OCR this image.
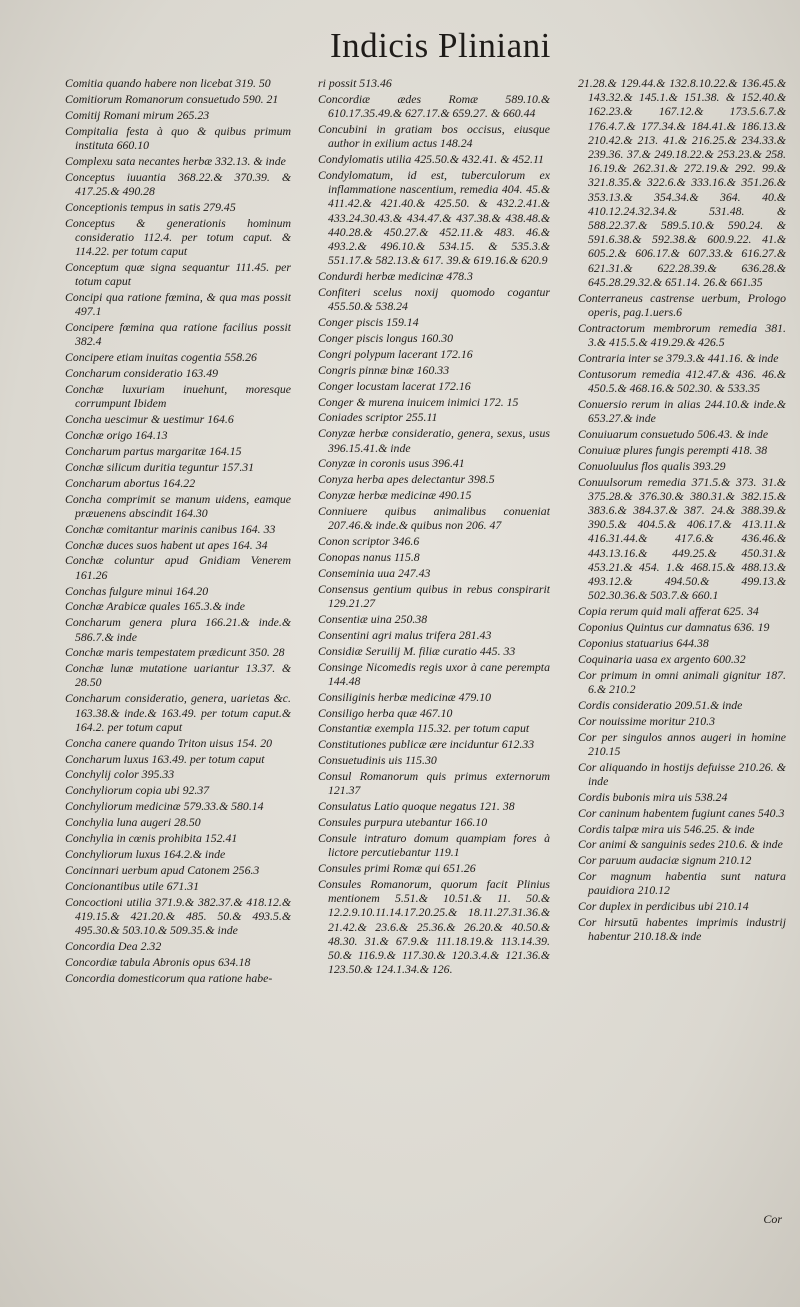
Indicis Pliniani
Comitia quando habere non licebat 319. 50
Comitiorum Romanorum consuetudo 590. 21
Comitij Romani mirum 265.23
Compitalia festa à quo & quibus primum instituta 660.10
Complexu sata necantes herbæ 332.13. & inde
Conceptus iuuantia 368.22.& 370.39. & 417.25.& 490.28
Conceptionis tempus in satis 279.45
Conceptus & generationis hominum consideratio 112.4. per totum caput. & 114.22. per totum caput
Conceptum quæ signa sequantur 111.45. per totum caput
Concipi qua ratione fœmina, & qua mas possit 497.1
Concipere fœmina qua ratione facilius possit 382.4
Concipere etiam inuitas cogentia 558.26
Concharum consideratio 163.49
Conchæ luxuriam inuehunt, moresque corrumpunt Ibidem
Concha uescimur & uestimur 164.6
Conchæ origo 164.13
Concharum partus margaritæ 164.15
Conchæ silicum duritia teguntur 157.31
Concharum abortus 164.22
Concha comprimit se manum uidens, eamque præuenens abscindit 164.30
Conchæ comitantur marinis canibus 164. 33
Conchæ duces suos habent ut apes 164. 34
Conchæ coluntur apud Gnidiam Venerem 161.26
Conchas fulgure minui 164.20
Conchæ Arabicæ quales 165.3.& inde
Concharum genera plura 166.21.& inde.& 586.7.& inde
Conchæ maris tempestatem prædicunt 350. 28
Conchæ lunæ mutatione uariantur 13.37. & 28.50
Concharum consideratio, genera, uarietas &c. 163.38.& inde.& 163.49. per totum caput.& 164.2. per totum caput
Concha canere quando Triton uisus 154. 20
Concharum luxus 163.49. per totum caput
Conchylij color 395.33
Conchyliorum copia ubi 92.37
Conchyliorum medicinæ 579.33.& 580.14
Conchylia luna augeri 28.50
Conchylia in cœnis prohibita 152.41
Conchyliorum luxus 164.2.& inde
Concinnari uerbum apud Catonem 256.3
Concionantibus utile 671.31
Concoctioni utilia 371.9.& 382.37.& 418.12.& 419.15.& 421.20.& 485. 50.& 493.5.& 495.30.& 503.10.& 509.35.& inde
Concordia Dea 2.32
Concordiæ tabula Abronis opus 634.18
Concordia domesticorum qua ratione habe-
ri possit 513.46
Concordiæ ædes Romæ 589.10.& 610.17.35.49.& 627.17.& 659.27. & 660.44
Concubini in gratiam bos occisus, eiusque author in exilium actus 148.24
Condylomatis utilia 425.50.& 432.41. & 452.11
Condylomatum, id est, tuberculorum ex inflammatione nascentium, remedia 404. 45.& 411.42.& 421.40.& 425.50. & 432.2.41.& 433.24.30.43.& 434.47.& 437.38.& 438.48.& 440.28.& 450.27.& 452.11.& 483. 46.& 493.2.& 496.10.& 534.15. & 535.3.& 551.17.& 582.13.& 617. 39.& 619.16.& 620.9
Condurdi herbæ medicinæ 478.3
Confiteri scelus noxij quomodo cogantur 455.50.& 538.24
Conger piscis 159.14
Conger piscis longus 160.30
Congri polypum lacerant 172.16
Congris pinnæ binæ 160.33
Conger locustam lacerat 172.16
Conger & murena inuicem inimici 172. 15
Coniades scriptor 255.11
Conyzæ herbæ consideratio, genera, sexus, usus 396.15.41.& inde
Conyzæ in coronis usus 396.41
Conyza herba apes delectantur 398.5
Conyzæ herbæ medicinæ 490.15
Conniuere quibus animalibus conueniat 207.46.& inde.& quibus non 206. 47
Conon scriptor 346.6
Conopas nanus 115.8
Conseminia uua 247.43
Consensus gentium quibus in rebus conspirarit 129.21.27
Consentiæ uina 250.38
Consentini agri malus trifera 281.43
Considiæ Seruilij M. filiæ curatio 445. 33
Consinge Nicomedis regis uxor à cane perempta 144.48
Consiliginis herbæ medicinæ 479.10
Consiligo herba quæ 467.10
Constantiæ exempla 115.32. per totum caput
Constitutiones publicæ ære inciduntur 612.33
Consuetudinis uis 115.30
Consul Romanorum quis primus externorum 121.37
Consulatus Latio quoque negatus 121. 38
Consules purpura utebantur 166.10
Consule intraturo domum quampiam fores à lictore percutiebantur 119.1
Consules primi Romæ qui 651.26
Consules Romanorum, quorum facit Plinius mentionem 5.51.& 10.51.& 11. 50.& 12.2.9.10.11.14.17.20.25.& 18.11.27.31.36.& 21.42.& 23.6.& 25.36.& 26.20.& 40.50.& 48.30. 31.& 67.9.& 111.18.19.& 113.14.39. 50.& 116.9.& 117.30.& 120.3.4.& 121.36.& 123.50.& 124.1.34.& 126.
21.28.& 129.44.& 132.8.10.22.& 136.45.& 143.32.& 145.1.& 151.38. & 152.40.& 162.23.& 167.12.& 173.5.6.7.& 176.4.7.& 177.34.& 184.41.& 186.13.& 210.42.& 213. 41.& 216.25.& 234.33.& 239.36. 37.& 249.18.22.& 253.23.& 258. 16.19.& 262.31.& 272.19.& 292. 99.& 321.8.35.& 322.6.& 333.16.& 351.26.& 353.13.& 354.34.& 364. 40.& 410.12.24.32.34.& 531.48. & 588.22.37.& 589.5.10.& 590.24. & 591.6.38.& 592.38.& 600.9.22. 41.& 605.2.& 606.17.& 607.33.& 616.27.& 621.31.& 622.28.39.& 636.28.& 645.28.29.32.& 651.14. 26.& 661.35
Conterraneus castrense uerbum, Prologo operis, pag.1.uers.6
Contractorum membrorum remedia 381. 3.& 415.5.& 419.29.& 426.5
Contraria inter se 379.3.& 441.16. & inde
Contusorum remedia 412.47.& 436. 46.& 450.5.& 468.16.& 502.30. & 533.35
Conuersio rerum in alias 244.10.& inde.& 653.27.& inde
Conuiuarum consuetudo 506.43. & inde
Conuiuæ plures fungis perempti 418. 38
Conuoluulus flos qualis 393.29
Conuulsorum remedia 371.5.& 373. 31.& 375.28.& 376.30.& 380.31.& 382.15.& 383.6.& 384.37.& 387. 24.& 388.39.& 390.5.& 404.5.& 406.17.& 413.11.& 416.31.44.& 417.6.& 436.46.& 443.13.16.& 449.25.& 450.31.& 453.21.& 454. 1.& 468.15.& 488.13.& 493.12.& 494.50.& 499.13.& 502.30.36.& 503.7.& 660.1
Copia rerum quid mali afferat 625. 34
Coponius Quintus cur damnatus 636. 19
Coponius statuarius 644.38
Coquinaria uasa ex argento 600.32
Cor primum in omni animali gignitur 187. 6.& 210.2
Cordis consideratio 209.51.& inde
Cor nouissime moritur 210.3
Cor per singulos annos augeri in homine 210.15
Cor aliquando in hostijs defuisse 210.26. & inde
Cordis bubonis mira uis 538.24
Cor caninum habentem fugiunt canes 540.3
Cordis talpæ mira uis 546.25. & inde
Cor animi & sanguinis sedes 210.6. & inde
Cor paruum audaciæ signum 210.12
Cor magnum habentia sunt natura pauidiora 210.12
Cor duplex in perdicibus ubi 210.14
Cor hirsutū habentes imprimis industrij habentur 210.18.& inde
Cor
